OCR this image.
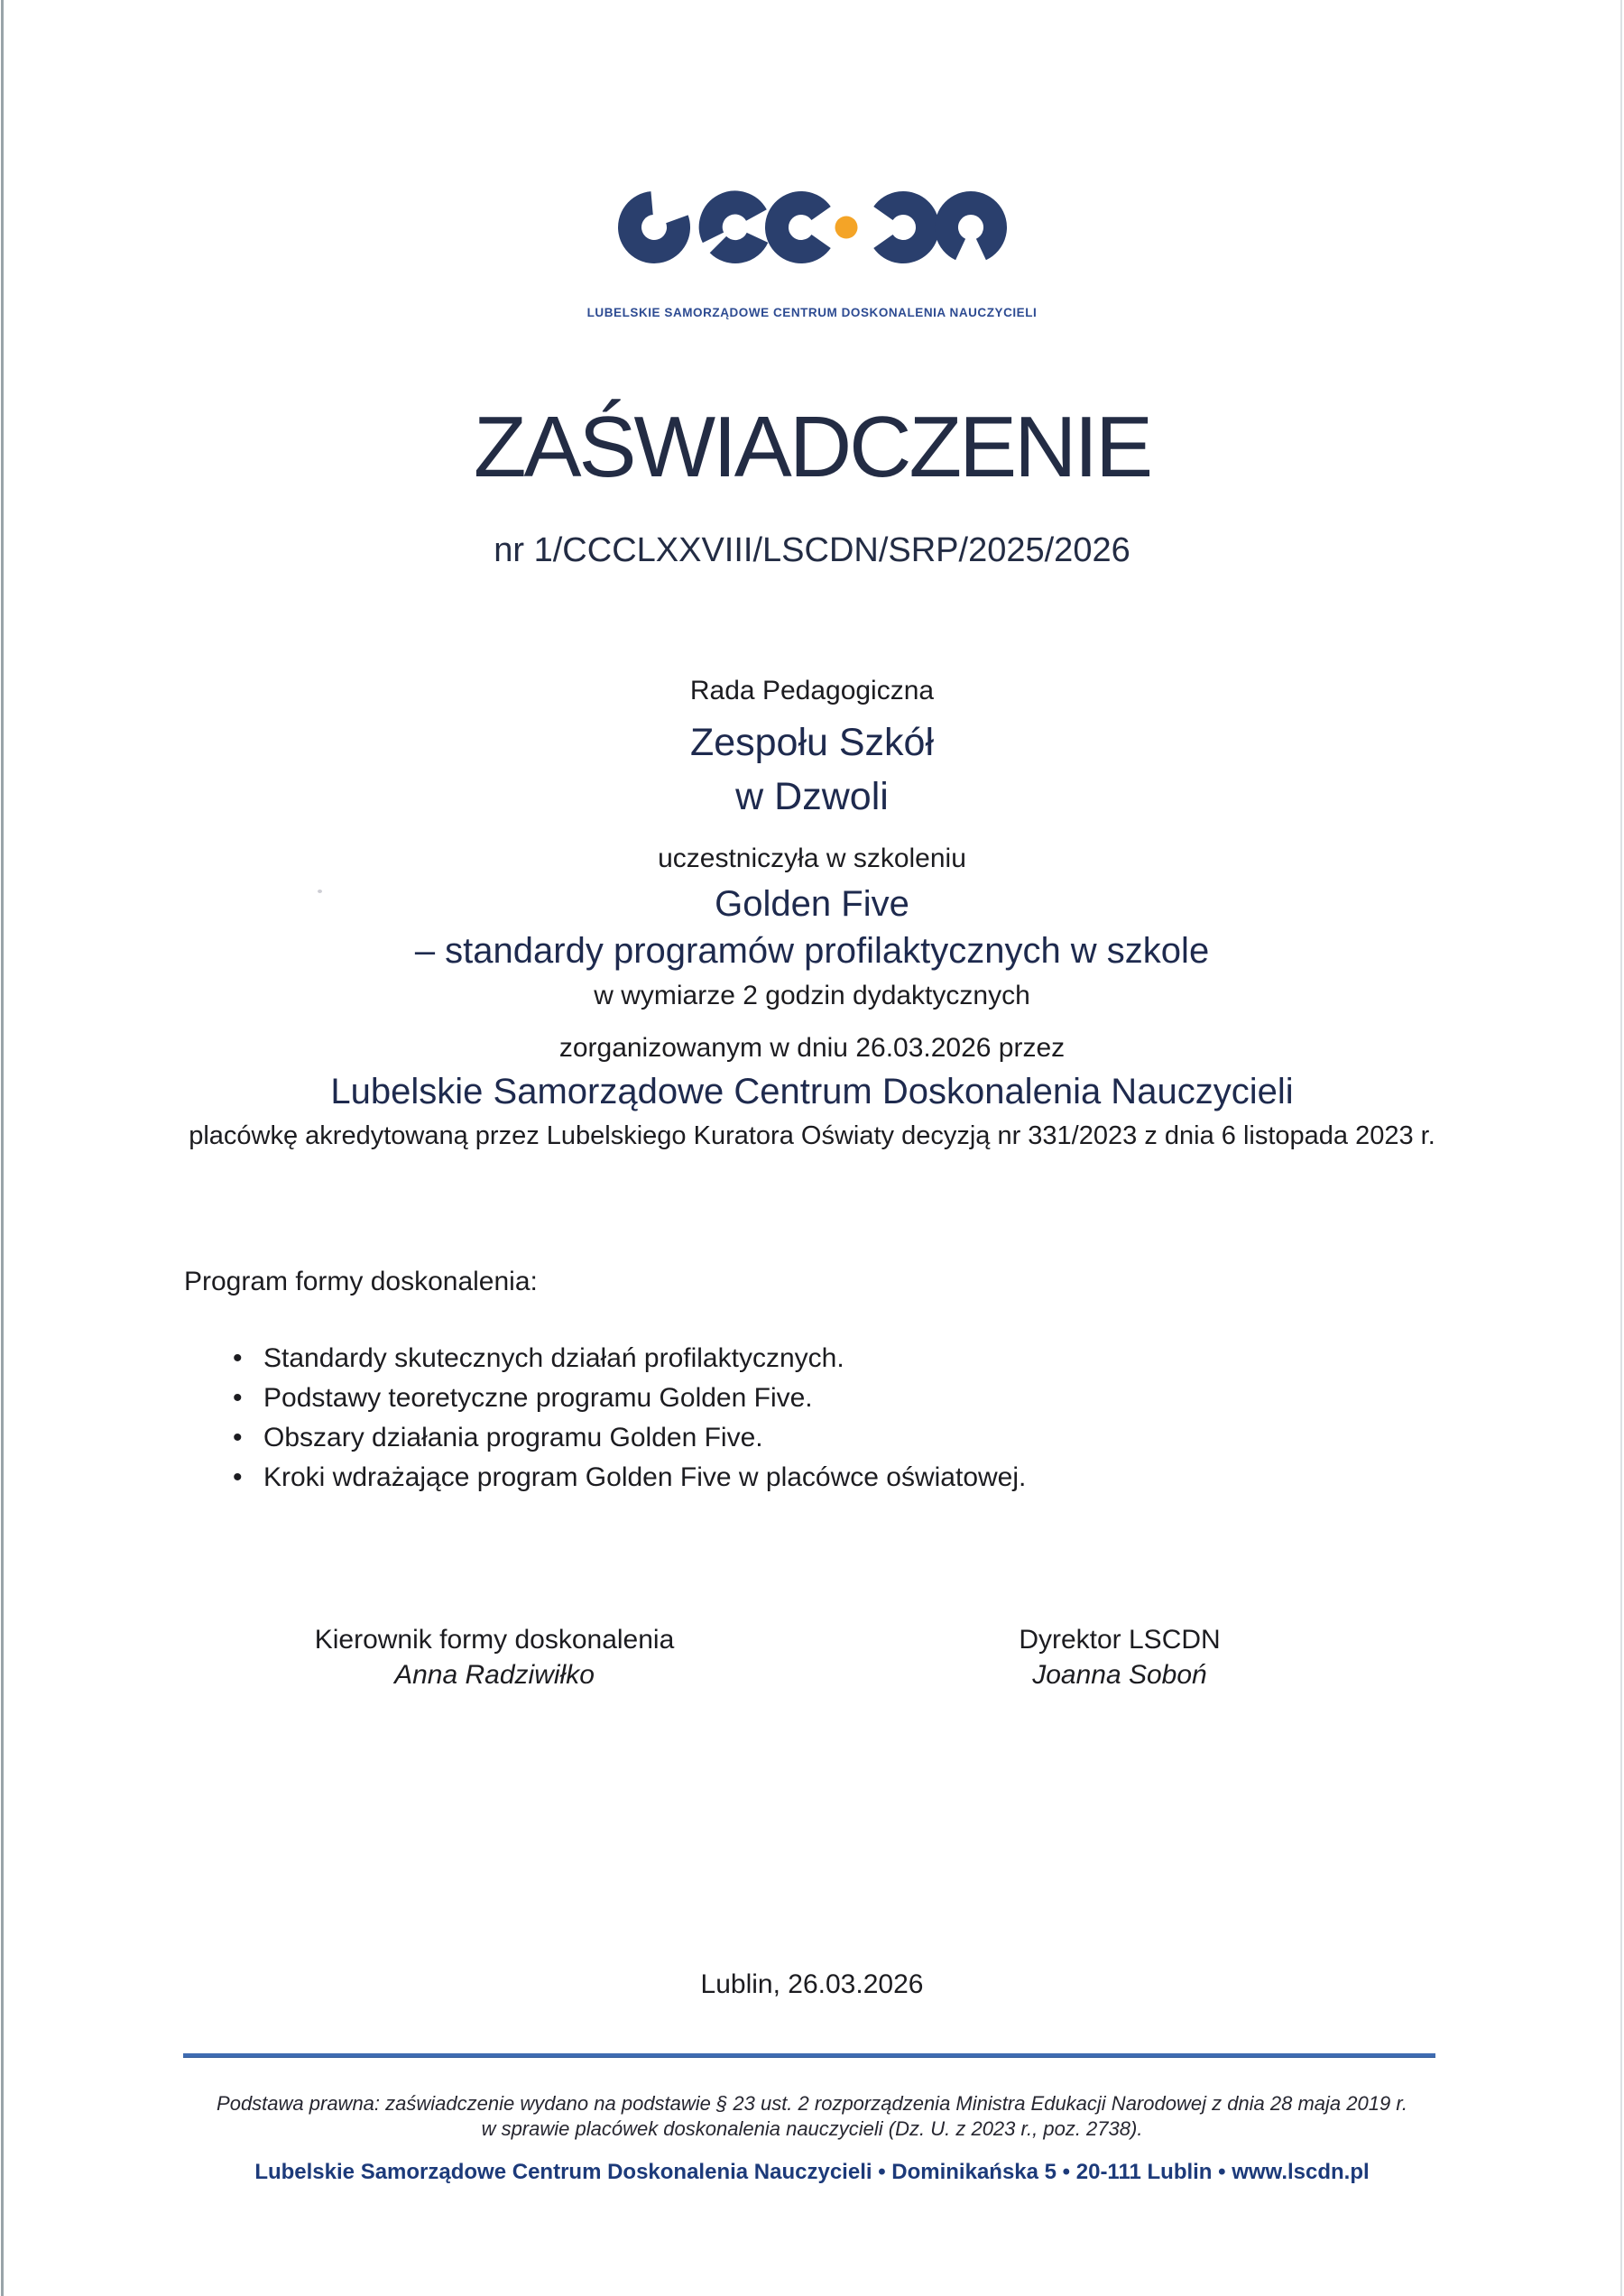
LUBELSKIE SAMORZĄDOWE CENTRUM DOSKONALENIA NAUCZYCIELI
ZAŚWIADCZENIE
nr 1/CCCLXXVIII/LSCDN/SRP/2025/2026
Rada Pedagogiczna
Zespołu Szkół
w Dzwoli
uczestniczyła w szkoleniu
Golden Five
– standardy programów profilaktycznych w szkole
w wymiarze 2 godzin dydaktycznych
zorganizowanym w dniu 26.03.2026 przez
Lubelskie Samorządowe Centrum Doskonalenia Nauczycieli
placówkę akredytowaną przez Lubelskiego Kuratora Oświaty decyzją nr 331/2023 z dnia 6 listopada 2023 r.
Program formy doskonalenia:
• Standardy skutecznych działań profilaktycznych.
• Podstawy teoretyczne programu Golden Five.
• Obszary działania programu Golden Five.
• Kroki wdrażające program Golden Five w placówce oświatowej.
Kierownik formy doskonalenia
Anna Radziwiłko
Dyrektor LSCDN
Joanna Soboń
Lublin, 26.03.2026
Podstawa prawna: zaświadczenie wydano na podstawie § 23 ust. 2 rozporządzenia Ministra Edukacji Narodowej z dnia 28 maja 2019 r.
w sprawie placówek doskonalenia nauczycieli (Dz. U. z 2023 r., poz. 2738).
Lubelskie Samorządowe Centrum Doskonalenia Nauczycieli • Dominikańska 5 • 20-111 Lublin • www.lscdn.pl
